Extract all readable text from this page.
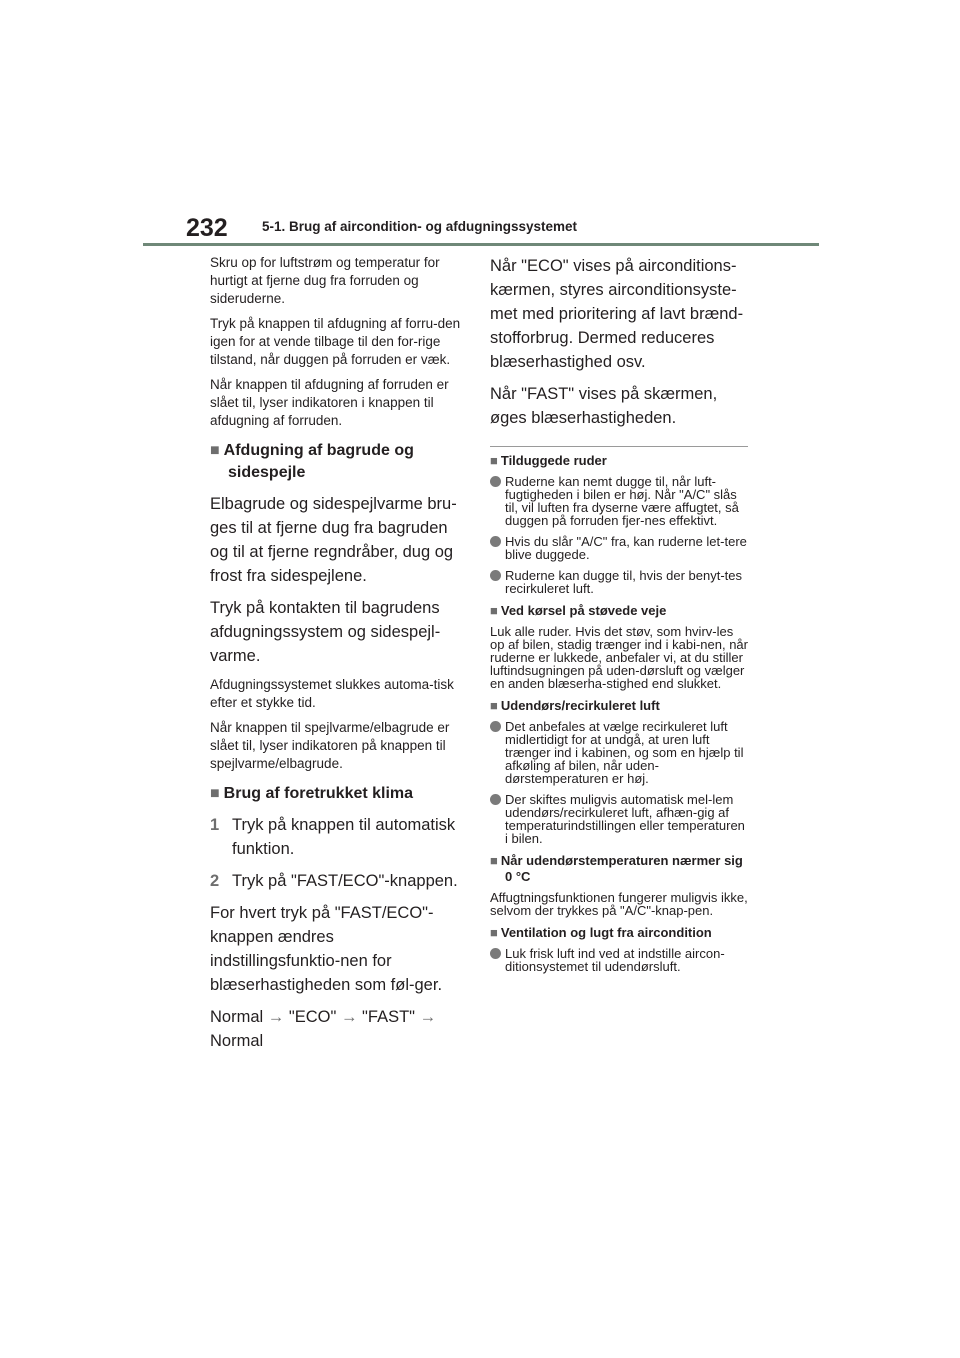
232	5-1. Brug af aircondition- og afdugningssystemet

Skru op for luftstrøm og temperatur for hurtigt at fjerne dug fra forruden og sideruderne.

Tryk på knappen til afdugning af forru-den igen for at vende tilbage til den for-rige tilstand, når duggen på forruden er væk.

Når knappen til afdugning af forruden er slået til, lyser indikatoren i knappen til afdugning af forruden.

■ Afdugning af bagrude og sidespejle

Elbagrude og sidespejlvarme bru-ges til at fjerne dug fra bagruden og til at fjerne regndråber, dug og frost fra sidespejlene.

Tryk på kontakten til bagrudens afdugningssystem og sidespejl-varme.

Afdugningssystemet slukkes automa-tisk efter et stykke tid.

Når knappen til spejlvarme/elbagrude er slået til, lyser indikatoren på knappen til spejlvarme/elbagrude.

■ Brug af foretrukket klima

1 Tryk på knappen til automatisk funktion.

2 Tryk på "FAST/ECO"-knappen.

For hvert tryk på "FAST/ECO"-knappen ændres indstillingsfunktio-nen for blæserhastigheden som føl-ger.

Normal → "ECO" → "FAST" → Normal

Når "ECO" vises på airconditions-kærmen, styres airconditionsyste-met med prioritering af lavt brænd-stofforbrug. Dermed reduceres blæserhastighed osv.

Når "FAST" vises på skærmen, øges blæserhastigheden.

■ Tilduggede ruder

Ruderne kan nemt dugge til, når luft-fugtigheden i bilen er høj. Når "A/C" slås til, vil luften fra dyserne være affugtet, så duggen på forruden fjer-nes effektivt.

Hvis du slår "A/C" fra, kan ruderne let-tere blive duggede.

Ruderne kan dugge til, hvis der benyt-tes recirkuleret luft.

■ Ved kørsel på støvede veje

Luk alle ruder. Hvis det støv, som hvirv-les op af bilen, stadig trænger ind i kabi-nen, når ruderne er lukkede, anbefaler vi, at du stiller luftindsugningen på uden-dørsluft og vælger en anden blæserha-stighed end slukket.

■ Udendørs/recirkuleret luft

Det anbefales at vælge recirkuleret luft midlertidigt for at undgå, at uren luft trænger ind i kabinen, og som en hjælp til afkøling af bilen, når uden-dørstemperaturen er høj.

Der skiftes muligvis automatisk mel-lem udendørs/recirkuleret luft, afhæn-gig af temperaturindstillingen eller temperaturen i bilen.

■ Når udendørstemperaturen nærmer sig 0 °C

Affugtningsfunktionen fungerer muligvis ikke, selvom der trykkes på "A/C"-knap-pen.

■ Ventilation og lugt fra aircondition

Luk frisk luft ind ved at indstille aircon-ditionsystemet til udendørsluft.
